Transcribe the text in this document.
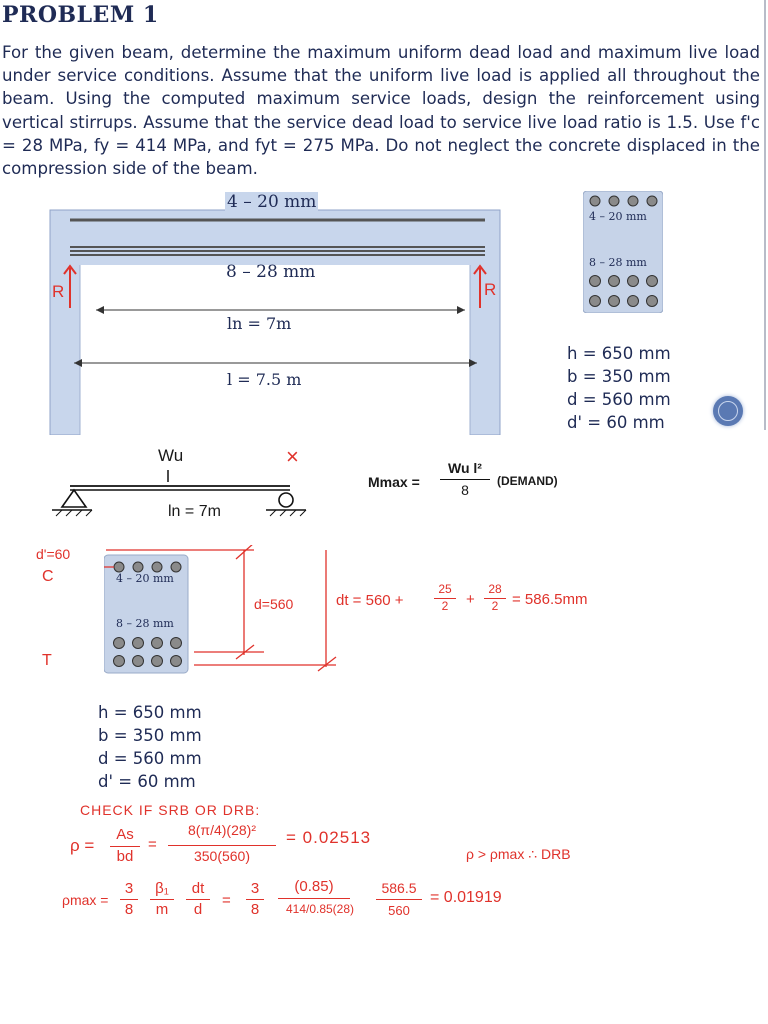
PROBLEM 1
For the given beam, determine the maximum uniform dead load and maximum live load under service conditions. Assume that the uniform live load is applied all throughout the beam. Using the computed maximum service loads, design the reinforcement using vertical stirrups. Assume that the service dead load to service live load ratio is 1.5. Use f'c = 28 MPa, fy = 414 MPa, and fyt = 275 MPa. Do not neglect the concrete displaced in the compression side of the beam.
4 – 20 mm
8 – 28 mm
R	R
ln = 7m
l = 7.5 m
4 – 20 mm
8 – 28 mm
h = 650 mm
b = 350 mm
d = 560 mm
d' = 60 mm
Wu	×
ln = 7m
Mmax =
Wu l²
8
(DEMAND)
d'=60
C
T
4 – 20 mm
8 – 28 mm
d=560	dt = 560 +
25
2	+
28
2 = 586.5mm
h = 650 mm
b = 350 mm
d = 560 mm
d' = 60 mm
CHECK IF SRB OR DRB:
ρ =
As
bd
=
8(π/4)(28)²
350(560)
= 0.02513
ρ > ρmax ∴ DRB
ρmax =
3
8
β₁
m
dt
d
=
3
8
(0.85)
414/0.85(28)
586.5
560
= 0.01919
